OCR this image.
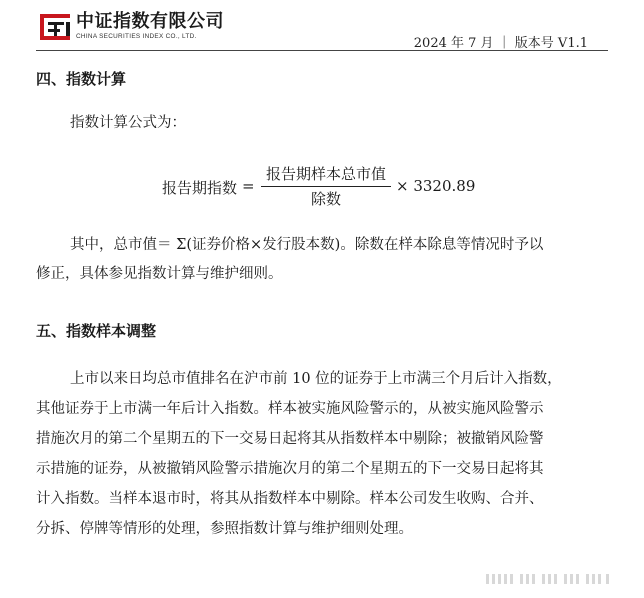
中证指数有限公司
CHINA SECURITIES INDEX CO., LTD.	2024 年 7 月 ｜ 版本号 V1.1
四、指数计算
指数计算公式为：
报告期指数 =
报告期样本总市值
除数
× 3320.89
其中，总市值＝ Σ(证券价格×发行股本数)。除数在样本除息等情况时予以
修正，具体参见指数计算与维护细则。
五、指数样本调整
上市以来日均总市值排名在沪市前 10 位的证券于上市满三个月后计入指数，
其他证券于上市满一年后计入指数。样本被实施风险警示的，从被实施风险警示
措施次月的第二个星期五的下一交易日起将其从指数样本中剔除；被撤销风险警
示措施的证券，从被撤销风险警示措施次月的第二个星期五的下一交易日起将其
计入指数。当样本退市时，将其从指数样本中剔除。样本公司发生收购、合并、
分拆、停牌等情形的处理，参照指数计算与维护细则处理。
